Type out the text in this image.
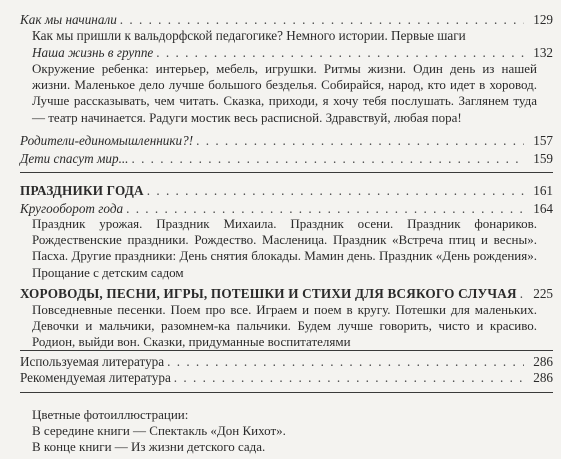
Как мы начинали . . .	129
Как мы пришли к вальдорфской педагогике? Немного истории. Первые шаги
Наша жизнь в группе . . .	132
Окружение ребенка: интерьер, мебель, игрушки. Ритмы жизни. Один день из нашей жизни. Маленькое дело лучше большого безделья. Собирайся, народ, кто идет в хоровод. Лучше рассказывать, чем читать. Сказка, приходи, я хочу тебя послушать. Заглянем туда — театр начинается. Радуги мостик весь расписной. Здравствуй, любая пора!
Родители-единомышленники?! . . .	157
Дети спасут мир... . . .	159
ПРАЗДНИКИ ГОДА . . .	161
Кругооборот года . . .	164
Праздник урожая. Праздник Михаила. Праздник осени. Праздник фонариков. Рождественские праздники. Рождество. Масленица. Праздник «Встреча птиц и весны». Пасха. Другие праздники: День снятия блокады. Мамин день. Праздник «День рождения». Прощание с детским садом
ХОРОВОДЫ, ПЕСНИ, ИГРЫ, ПОТЕШКИ И СТИХИ ДЛЯ ВСЯКОГО СЛУЧАЯ . . .	225
Повседневные песенки. Поем про все. Играем и поем в кругу. Потешки для маленьких. Девочки и мальчики, разомнем-ка пальчики. Будем лучше говорить, чисто и красиво. Родион, выйди вон. Сказки, придуманные воспитателями
Используемая литература . . .	286
Рекомендуемая литература . . .	286
Цветные фотоиллюстрации:
В середине книги — Спектакль «Дон Кихот».
В конце книги — Из жизни детского сада.
